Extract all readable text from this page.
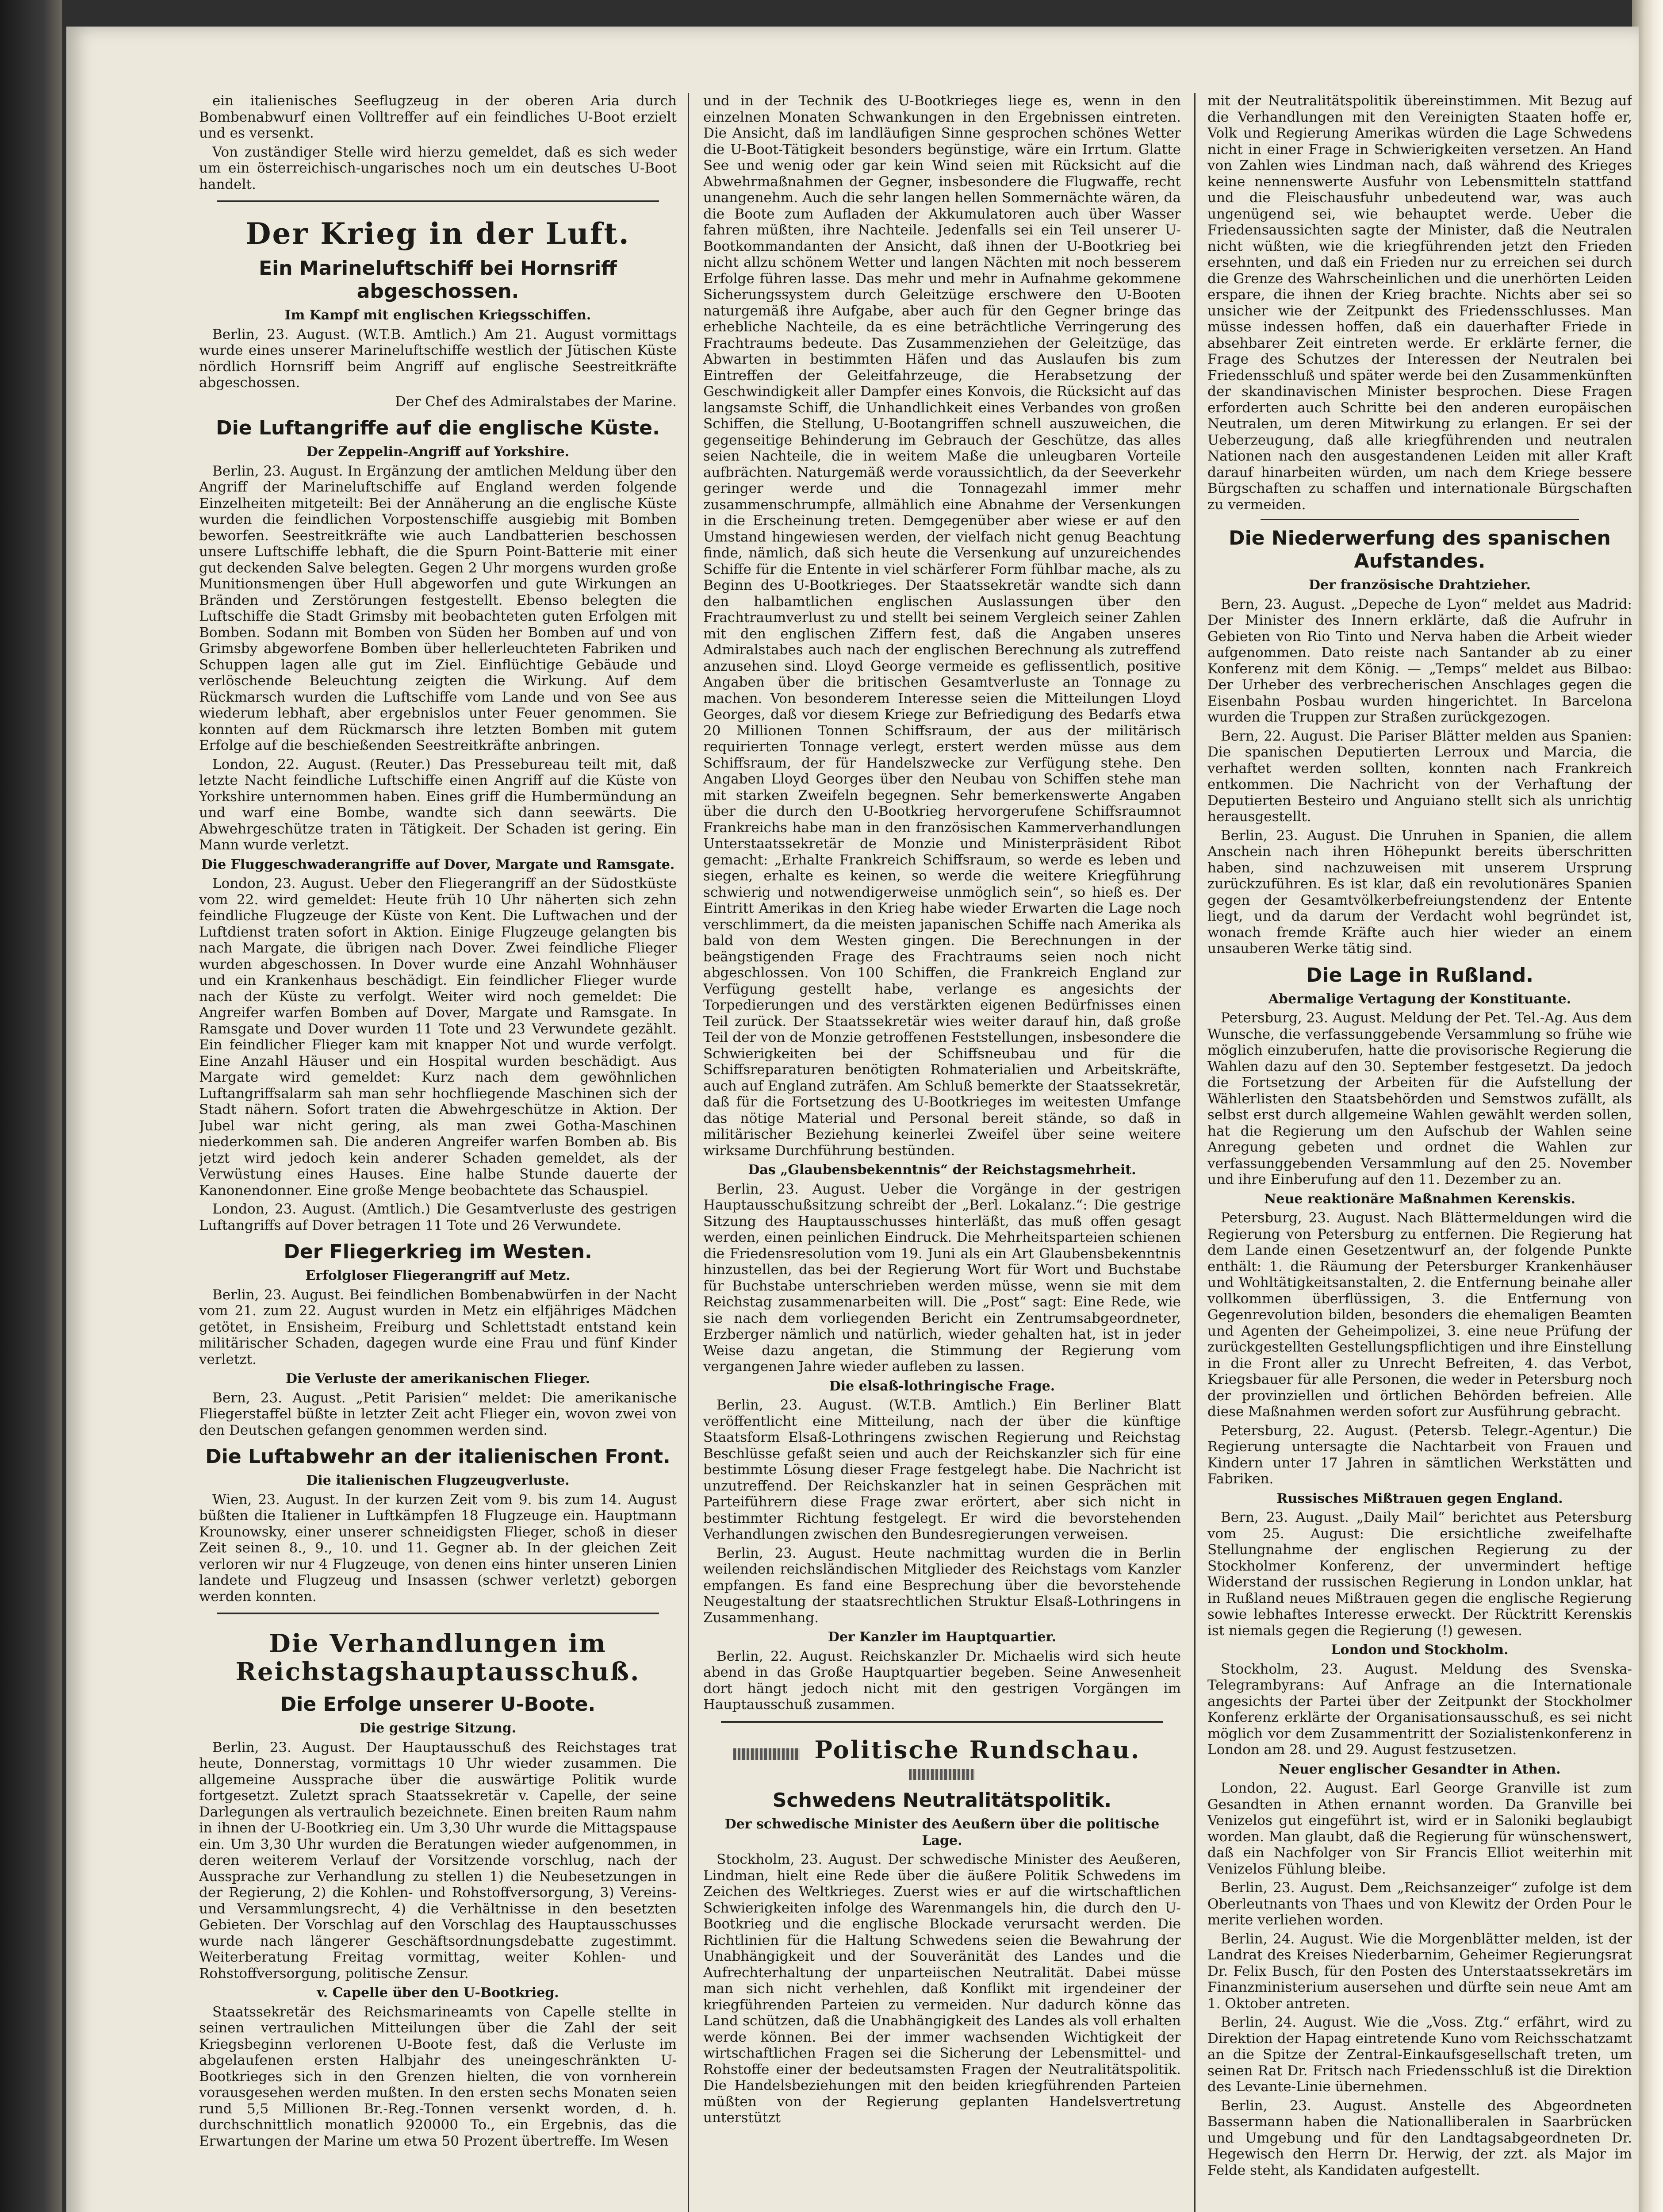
ein italienisches Seeflugzeug in der oberen Aria durch Bombenabwurf einen Volltreffer auf ein feindliches U-Boot erzielt und es versenkt.

Von zuständiger Stelle wird hierzu gemeldet, daß es sich weder um ein österreichisch-ungarisches noch um ein deutsches U-Boot handelt.

Der Krieg in der Luft.
Ein Marineluftschiff bei Hornsriff abgeschossen.
Im Kampf mit englischen Kriegsschiffen.

Berlin, 23. August. (W.T.B. Amtlich.) Am 21. August vormittags wurde eines unserer Marineluftschiffe westlich der Jütischen Küste nördlich Hornsriff beim Angriff auf englische Seestreitkräfte abgeschossen.

Der Chef des Admiralstabes der Marine.

Die Luftangriffe auf die englische Küste.
Der Zeppelin-Angriff auf Yorkshire.

Berlin, 23. August. In Ergänzung der amtlichen Meldung über den Angriff der Marineluftschiffe auf England werden folgende Einzelheiten mitgeteilt: Bei der Annäherung an die englische Küste wurden die feindlichen Vorpostenschiffe ausgiebig mit Bomben beworfen. Seestreitkräfte wie auch Landbatterien beschossen unsere Luftschiffe lebhaft, die die Spurn Point-Batterie mit einer gut deckenden Salve belegten. Gegen 2 Uhr morgens wurden große Munitionsmengen über Hull abgeworfen und gute Wirkungen an Bränden und Zerstörungen festgestellt. Ebenso belegten die Luftschiffe die Stadt Grimsby mit beobachteten guten Erfolgen mit Bomben. Sodann mit Bomben von Süden her Bomben auf und von Grimsby abgeworfene Bomben über hellerleuchteten Fabriken und Schuppen lagen alle gut im Ziel. Einflüchtige Gebäude und verlöschende Beleuchtung zeigten die Wirkung. Auf dem Rückmarsch wurden die Luftschiffe vom Lande und von See aus wiederum lebhaft, aber ergebnislos unter Feuer genommen. Sie konnten auf dem Rückmarsch ihre letzten Bomben mit gutem Erfolge auf die beschießenden Seestreitkräfte anbringen.

London, 22. August. (Reuter.) Das Pressebureau teilt mit, daß letzte Nacht feindliche Luftschiffe einen Angriff auf die Küste von Yorkshire unternommen haben. Eines griff die Humbermündung an und warf eine Bombe, wandte sich dann seewärts. Die Abwehrgeschütze traten in Tätigkeit. Der Schaden ist gering. Ein Mann wurde verletzt.

Die Fluggeschwaderangriffe auf Dover, Margate und Ramsgate.

London, 23. August. Ueber den Fliegerangriff an der Südostküste vom 22. wird gemeldet: Heute früh 10 Uhr näherten sich zehn feindliche Flugzeuge der Küste von Kent. Die Luftwachen und der Luftdienst traten sofort in Aktion. Einige Flugzeuge gelangten bis nach Margate, die übrigen nach Dover. Zwei feindliche Flieger wurden abgeschossen. In Dover wurde eine Anzahl Wohnhäuser und ein Krankenhaus beschädigt. Ein feindlicher Flieger wurde nach der Küste zu verfolgt. Weiter wird noch gemeldet: Die Angreifer warfen Bomben auf Dover, Margate und Ramsgate. In Ramsgate und Dover wurden 11 Tote und 23 Verwundete gezählt. Ein feindlicher Flieger kam mit knapper Not und wurde verfolgt. Eine Anzahl Häuser und ein Hospital wurden beschädigt. Aus Margate wird gemeldet: Kurz nach dem gewöhnlichen Luftangriffsalarm sah man sehr hochfliegende Maschinen sich der Stadt nähern. Sofort traten die Abwehrgeschütze in Aktion. Der Jubel war nicht gering, als man zwei Gotha-Maschinen niederkommen sah. Die anderen Angreifer warfen Bomben ab. Bis jetzt wird jedoch kein anderer Schaden gemeldet, als der Verwüstung eines Hauses. Eine halbe Stunde dauerte der Kanonendonner. Eine große Menge beobachtete das Schauspiel.

London, 23. August. (Amtlich.) Die Gesamtverluste des gestrigen Luftangriffs auf Dover betragen 11 Tote und 26 Verwundete.

Der Fliegerkrieg im Westen.
Erfolgloser Fliegerangriff auf Metz.

Berlin, 23. August. Bei feindlichen Bombenabwürfen in der Nacht vom 21. zum 22. August wurden in Metz ein elfjähriges Mädchen getötet, in Ensisheim, Freiburg und Schlettstadt entstand kein militärischer Schaden, dagegen wurde eine Frau und fünf Kinder verletzt.

Die Verluste der amerikanischen Flieger.

Bern, 23. August. „Petit Parisien“ meldet: Die amerikanische Fliegerstaffel büßte in letzter Zeit acht Flieger ein, wovon zwei von den Deutschen gefangen genommen werden sind.

Die Luftabwehr an der italienischen Front.
Die italienischen Flugzeugverluste.

Wien, 23. August. In der kurzen Zeit vom 9. bis zum 14. August büßten die Italiener in Luftkämpfen 18 Flugzeuge ein. Hauptmann Krounowsky, einer unserer schneidigsten Flieger, schoß in dieser Zeit seinen 8., 9., 10. und 11. Gegner ab. In der gleichen Zeit verloren wir nur 4 Flugzeuge, von denen eins hinter unseren Linien landete und Flugzeug und Insassen (schwer verletzt) geborgen werden konnten.

Die Verhandlungen im Reichstagshauptausschuß.
Die Erfolge unserer U-Boote.
Die gestrige Sitzung.

Berlin, 23. August. Der Hauptausschuß des Reichstages trat heute, Donnerstag, vormittags 10 Uhr wieder zusammen. Die allgemeine Aussprache über die auswärtige Politik wurde fortgesetzt. Zuletzt sprach Staatssekretär v. Capelle, der seine Darlegungen als vertraulich bezeichnete. Einen breiten Raum nahm in ihnen der U-Bootkrieg ein. Um 3,30 Uhr wurde die Mittagspause ein. Um 3,30 Uhr wurden die Beratungen wieder aufgenommen, in deren weiterem Verlauf der Vorsitzende vorschlug, nach der Aussprache zur Verhandlung zu stellen 1) die Neubesetzungen in der Regierung, 2) die Kohlen- und Rohstoffversorgung, 3) Vereins- und Versammlungsrecht, 4) die Verhältnisse in den besetzten Gebieten. Der Vorschlag auf den Vorschlag des Hauptausschusses wurde nach längerer Geschäftsordnungsdebatte zugestimmt. Weiterberatung Freitag vormittag, weiter Kohlen- und Rohstoffversorgung, politische Zensur.

v. Capelle über den U-Bootkrieg.

Staatssekretär des Reichsmarineamts von Capelle stellte in seinen vertraulichen Mitteilungen über die Zahl der seit Kriegsbeginn verlorenen U-Boote fest, daß die Verluste im abgelaufenen ersten Halbjahr des uneingeschränkten U-Bootkrieges sich in den Grenzen hielten, die von vornherein vorausgesehen werden mußten. In den ersten sechs Monaten seien rund 5,5 Millionen Br.-Reg.-Tonnen versenkt worden, d. h. durchschnittlich monatlich 920000 To., ein Ergebnis, das die Erwartungen der Marine um etwa 50 Prozent übertreffe. Im Wesen

und in der Technik des U-Bootkrieges liege es, wenn in den einzelnen Monaten Schwankungen in den Ergebnissen eintreten. Die Ansicht, daß im landläufigen Sinne gesprochen schönes Wetter die U-Boot-Tätigkeit besonders begünstige, wäre ein Irrtum. Glatte See und wenig oder gar kein Wind seien mit Rücksicht auf die Abwehrmaßnahmen der Gegner, insbesondere die Flugwaffe, recht unangenehm. Auch die sehr langen hellen Sommernächte wären, da die Boote zum Aufladen der Akkumulatoren auch über Wasser fahren müßten, ihre Nachteile. Jedenfalls sei ein Teil unserer U-Bootkommandanten der Ansicht, daß ihnen der U-Bootkrieg bei nicht allzu schönem Wetter und langen Nächten mit noch besserem Erfolge führen lasse. Das mehr und mehr in Aufnahme gekommene Sicherungssystem durch Geleitzüge erschwere den U-Booten naturgemäß ihre Aufgabe, aber auch für den Gegner bringe das erhebliche Nachteile, da es eine beträchtliche Verringerung des Frachtraums bedeute. Das Zusammenziehen der Geleitzüge, das Abwarten in bestimmten Häfen und das Auslaufen bis zum Eintreffen der Geleitfahrzeuge, die Herabsetzung der Geschwindigkeit aller Dampfer eines Konvois, die Rücksicht auf das langsamste Schiff, die Unhandlichkeit eines Verbandes von großen Schiffen, die Stellung, U-Bootangriffen schnell auszuweichen, die gegenseitige Behinderung im Gebrauch der Geschütze, das alles seien Nachteile, die in weitem Maße die unleugbaren Vorteile aufbrächten. Naturgemäß werde voraussichtlich, da der Seeverkehr geringer werde und die Tonnagezahl immer mehr zusammenschrumpfe, allmählich eine Abnahme der Versenkungen in die Erscheinung treten. Demgegenüber aber wiese er auf den Umstand hingewiesen werden, der vielfach nicht genug Beachtung finde, nämlich, daß sich heute die Versenkung auf unzureichendes Schiffe für die Entente in viel schärferer Form fühlbar mache, als zu Beginn des U-Bootkrieges. Der Staatssekretär wandte sich dann den halbamtlichen englischen Auslassungen über den Frachtraumverlust zu und stellt bei seinem Vergleich seiner Zahlen mit den englischen Ziffern fest, daß die Angaben unseres Admiralstabes auch nach der englischen Berechnung als zutreffend anzusehen sind. Lloyd George vermeide es geflissentlich, positive Angaben über die britischen Gesamtverluste an Tonnage zu machen. Von besonderem Interesse seien die Mitteilungen Lloyd Georges, daß vor diesem Kriege zur Befriedigung des Bedarfs etwa 20 Millionen Tonnen Schiffsraum, der aus der militärisch requirierten Tonnage verlegt, erstert werden müsse aus dem Schiffsraum, der für Handelszwecke zur Verfügung stehe. Den Angaben Lloyd Georges über den Neubau von Schiffen stehe man mit starken Zweifeln begegnen. Sehr bemerkenswerte Angaben über die durch den U-Bootkrieg hervorgerufene Schiffsraumnot Frankreichs habe man in den französischen Kammerverhandlungen Unterstaatssekretär de Monzie und Ministerpräsident Ribot gemacht: „Erhalte Frankreich Schiffsraum, so werde es leben und siegen, erhalte es keinen, so werde die weitere Kriegführung schwierig und notwendigerweise unmöglich sein“, so hieß es. Der Eintritt Amerikas in den Krieg habe wieder Erwarten die Lage noch verschlimmert, da die meisten japanischen Schiffe nach Amerika als bald von dem Westen gingen. Die Berechnungen in der beängstigenden Frage des Frachtraums seien noch nicht abgeschlossen. Von 100 Schiffen, die Frankreich England zur Verfügung gestellt habe, verlange es angesichts der Torpedierungen und des verstärkten eigenen Bedürfnisses einen Teil zurück. Der Staatssekretär wies weiter darauf hin, daß große Teil der von de Monzie getroffenen Feststellungen, insbesondere die Schwierigkeiten bei der Schiffsneubau und für die Schiffsreparaturen benötigten Rohmaterialien und Arbeitskräfte, auch auf England zuträfen. Am Schluß bemerkte der Staatssekretär, daß für die Fortsetzung des U-Bootkrieges im weitesten Umfange das nötige Material und Personal bereit stände, so daß in militärischer Beziehung keinerlei Zweifel über seine weitere wirksame Durchführung bestünden.

Das „Glaubensbekenntnis“ der Reichstagsmehrheit.

Berlin, 23. August. Ueber die Vorgänge in der gestrigen Hauptausschußsitzung schreibt der „Berl. Lokalanz.“: Die gestrige Sitzung des Hauptausschusses hinterläßt, das muß offen gesagt werden, einen peinlichen Eindruck. Die Mehrheitsparteien schienen die Friedensresolution vom 19. Juni als ein Art Glaubensbekenntnis hinzustellen, das bei der Regierung Wort für Wort und Buchstabe für Buchstabe unterschrieben werden müsse, wenn sie mit dem Reichstag zusammenarbeiten will. Die „Post“ sagt: Eine Rede, wie sie nach dem vorliegenden Bericht ein Zentrumsabgeordneter, Erzberger nämlich und natürlich, wieder gehalten hat, ist in jeder Weise dazu angetan, die Stimmung der Regierung vom vergangenen Jahre wieder aufleben zu lassen.

Die elsaß-lothringische Frage.

Berlin, 23. August. (W.T.B. Amtlich.) Ein Berliner Blatt veröffentlicht eine Mitteilung, nach der über die künftige Staatsform Elsaß-Lothringens zwischen Regierung und Reichstag Beschlüsse gefaßt seien und auch der Reichskanzler sich für eine bestimmte Lösung dieser Frage festgelegt habe. Die Nachricht ist unzutreffend. Der Reichskanzler hat in seinen Gesprächen mit Parteiführern diese Frage zwar erörtert, aber sich nicht in bestimmter Richtung festgelegt. Er wird die bevorstehenden Verhandlungen zwischen den Bundesregierungen verweisen.

Berlin, 23. August. Heute nachmittag wurden die in Berlin weilenden reichsländischen Mitglieder des Reichstags vom Kanzler empfangen. Es fand eine Besprechung über die bevorstehende Neugestaltung der staatsrechtlichen Struktur Elsaß-Lothringens in Zusammenhang.

Der Kanzler im Hauptquartier.

Berlin, 22. August. Reichskanzler Dr. Michaelis wird sich heute abend in das Große Hauptquartier begeben. Seine Anwesenheit dort hängt jedoch nicht mit den gestrigen Vorgängen im Hauptausschuß zusammen.

Politische Rundschau.
Schwedens Neutralitätspolitik.
Der schwedische Minister des Aeußern über die politische Lage.

Stockholm, 23. August. Der schwedische Minister des Aeußeren, Lindman, hielt eine Rede über die äußere Politik Schwedens im Zeichen des Weltkrieges. Zuerst wies er auf die wirtschaftlichen Schwierigkeiten infolge des Warenmangels hin, die durch den U-Bootkrieg und die englische Blockade verursacht werden. Die Richtlinien für die Haltung Schwedens seien die Bewahrung der Unabhängigkeit und der Souveränität des Landes und die Aufrechterhaltung der unparteiischen Neutralität. Dabei müsse man sich nicht verhehlen, daß Konflikt mit irgendeiner der kriegführenden Parteien zu vermeiden. Nur dadurch könne das Land schützen, daß die Unabhängigkeit des Landes als voll erhalten werde können. Bei der immer wachsenden Wichtigkeit der wirtschaftlichen Fragen sei die Sicherung der Lebensmittel- und Rohstoffe einer der bedeutsamsten Fragen der Neutralitätspolitik. Die Handelsbeziehungen mit den beiden kriegführenden Parteien müßten von der Regierung geplanten Handelsvertretung unterstützt

mit der Neutralitätspolitik übereinstimmen. Mit Bezug auf die Verhandlungen mit den Vereinigten Staaten hoffe er, Volk und Regierung Amerikas würden die Lage Schwedens nicht in einer Frage in Schwierigkeiten versetzen. An Hand von Zahlen wies Lindman nach, daß während des Krieges keine nennenswerte Ausfuhr von Lebensmitteln stattfand und die Fleischausfuhr unbedeutend war, was auch ungenügend sei, wie behauptet werde. Ueber die Friedensaussichten sagte der Minister, daß die Neutralen nicht wüßten, wie die kriegführenden jetzt den Frieden ersehnten, und daß ein Frieden nur zu erreichen sei durch die Grenze des Wahrscheinlichen und die unerhörten Leiden erspare, die ihnen der Krieg brachte. Nichts aber sei so unsicher wie der Zeitpunkt des Friedensschlusses. Man müsse indessen hoffen, daß ein dauerhafter Friede in absehbarer Zeit eintreten werde. Er erklärte ferner, die Frage des Schutzes der Interessen der Neutralen bei Friedensschluß und später werde bei den Zusammenkünften der skandinavischen Minister besprochen. Diese Fragen erforderten auch Schritte bei den anderen europäischen Neutralen, um deren Mitwirkung zu erlangen. Er sei der Ueberzeugung, daß alle kriegführenden und neutralen Nationen nach den ausgestandenen Leiden mit aller Kraft darauf hinarbeiten würden, um nach dem Kriege bessere Bürgschaften zu schaffen und internationale Bürgschaften zu vermeiden.

Die Niederwerfung des spanischen Aufstandes.
Der französische Drahtzieher.

Bern, 23. August. „Depeche de Lyon“ meldet aus Madrid: Der Minister des Innern erklärte, daß die Aufruhr in Gebieten von Rio Tinto und Nerva haben die Arbeit wieder aufgenommen. Dato reiste nach Santander ab zu einer Konferenz mit dem König. — „Temps“ meldet aus Bilbao: Der Urheber des verbrecherischen Anschlages gegen die Eisenbahn Posbau wurden hingerichtet. In Barcelona wurden die Truppen zur Straßen zurückgezogen.

Bern, 22. August. Die Pariser Blätter melden aus Spanien: Die spanischen Deputierten Lerroux und Marcia, die verhaftet werden sollten, konnten nach Frankreich entkommen. Die Nachricht von der Verhaftung der Deputierten Besteiro und Anguiano stellt sich als unrichtig herausgestellt.

Berlin, 23. August. Die Unruhen in Spanien, die allem Anschein nach ihren Höhepunkt bereits überschritten haben, sind nachzuweisen mit unserem Ursprung zurückzuführen. Es ist klar, daß ein revolutionäres Spanien gegen der Gesamtvölkerbefreiungstendenz der Entente liegt, und da darum der Verdacht wohl begründet ist, wonach fremde Kräfte auch hier wieder an einem unsauberen Werke tätig sind.

Die Lage in Rußland.
Abermalige Vertagung der Konstituante.

Petersburg, 23. August. Meldung der Pet. Tel.-Ag. Aus dem Wunsche, die verfassunggebende Versammlung so frühe wie möglich einzuberufen, hatte die provisorische Regierung die Wahlen dazu auf den 30. September festgesetzt. Da jedoch die Fortsetzung der Arbeiten für die Aufstellung der Wählerlisten den Staatsbehörden und Semstwos zufällt, als selbst erst durch allgemeine Wahlen gewählt werden sollen, hat die Regierung um den Aufschub der Wahlen seine Anregung gebeten und ordnet die Wahlen zur verfassunggebenden Versammlung auf den 25. November und ihre Einberufung auf den 11. Dezember zu an.

Neue reaktionäre Maßnahmen Kerenskis.

Petersburg, 23. August. Nach Blättermeldungen wird die Regierung von Petersburg zu entfernen. Die Regierung hat dem Lande einen Gesetzentwurf an, der folgende Punkte enthält: 1. die Räumung der Petersburger Krankenhäuser und Wohltätigkeitsanstalten, 2. die Entfernung beinahe aller vollkommen überflüssigen, 3. die Entfernung von Gegenrevolution bilden, besonders die ehemaligen Beamten und Agenten der Geheimpolizei, 3. eine neue Prüfung der zurückgestellten Gestellungspflichtigen und ihre Einstellung in die Front aller zu Unrecht Befreiten, 4. das Verbot, Kriegsbauer für alle Personen, die weder in Petersburg noch der provinziellen und örtlichen Behörden befreien. Alle diese Maßnahmen werden sofort zur Ausführung gebracht.

Petersburg, 22. August. (Petersb. Telegr.-Agentur.) Die Regierung untersagte die Nachtarbeit von Frauen und Kindern unter 17 Jahren in sämtlichen Werkstätten und Fabriken.

Russisches Mißtrauen gegen England.

Bern, 23. August. „Daily Mail“ berichtet aus Petersburg vom 25. August: Die ersichtliche zweifelhafte Stellungnahme der englischen Regierung zu der Stockholmer Konferenz, der unvermindert heftige Widerstand der russischen Regierung in London unklar, hat in Rußland neues Mißtrauen gegen die englische Regierung sowie lebhaftes Interesse erweckt. Der Rücktritt Kerenskis ist niemals gegen die Regierung (!) gewesen.

London und Stockholm.

Stockholm, 23. August. Meldung des Svenska-Telegrambyrans: Auf Anfrage an die Internationale angesichts der Partei über der Zeitpunkt der Stockholmer Konferenz erklärte der Organisationsausschuß, es sei nicht möglich vor dem Zusammentritt der Sozialistenkonferenz in London am 28. und 29. August festzusetzen.

Neuer englischer Gesandter in Athen.

London, 22. August. Earl George Granville ist zum Gesandten in Athen ernannt worden. Da Granville bei Venizelos gut eingeführt ist, wird er in Saloniki beglaubigt worden. Man glaubt, daß die Regierung für wünschenswert, daß ein Nachfolger von Sir Francis Elliot weiterhin mit Venizelos Fühlung bleibe.

Berlin, 23. August. Dem „Reichsanzeiger“ zufolge ist dem Oberleutnants von Thaes und von Klewitz der Orden Pour le merite verliehen worden.

Berlin, 24. August. Wie die Morgenblätter melden, ist der Landrat des Kreises Niederbarnim, Geheimer Regierungsrat Dr. Felix Busch, für den Posten des Unterstaatssekretärs im Finanzministerium ausersehen und dürfte sein neue Amt am 1. Oktober antreten.

Berlin, 24. August. Wie die „Voss. Ztg.“ erfährt, wird zu Direktion der Hapag eintretende Kuno vom Reichsschatzamt an die Spitze der Zentral-Einkaufsgesellschaft treten, um seinen Rat Dr. Fritsch nach Friedensschluß ist die Direktion des Levante-Linie übernehmen.

Berlin, 23. August. Anstelle des Abgeordneten Bassermann haben die Nationalliberalen in Saarbrücken und Umgebung und für den Landtagsabgeordneten Dr. Hegewisch den Herrn Dr. Herwig, der zzt. als Major im Felde steht, als Kandidaten aufgestellt.
